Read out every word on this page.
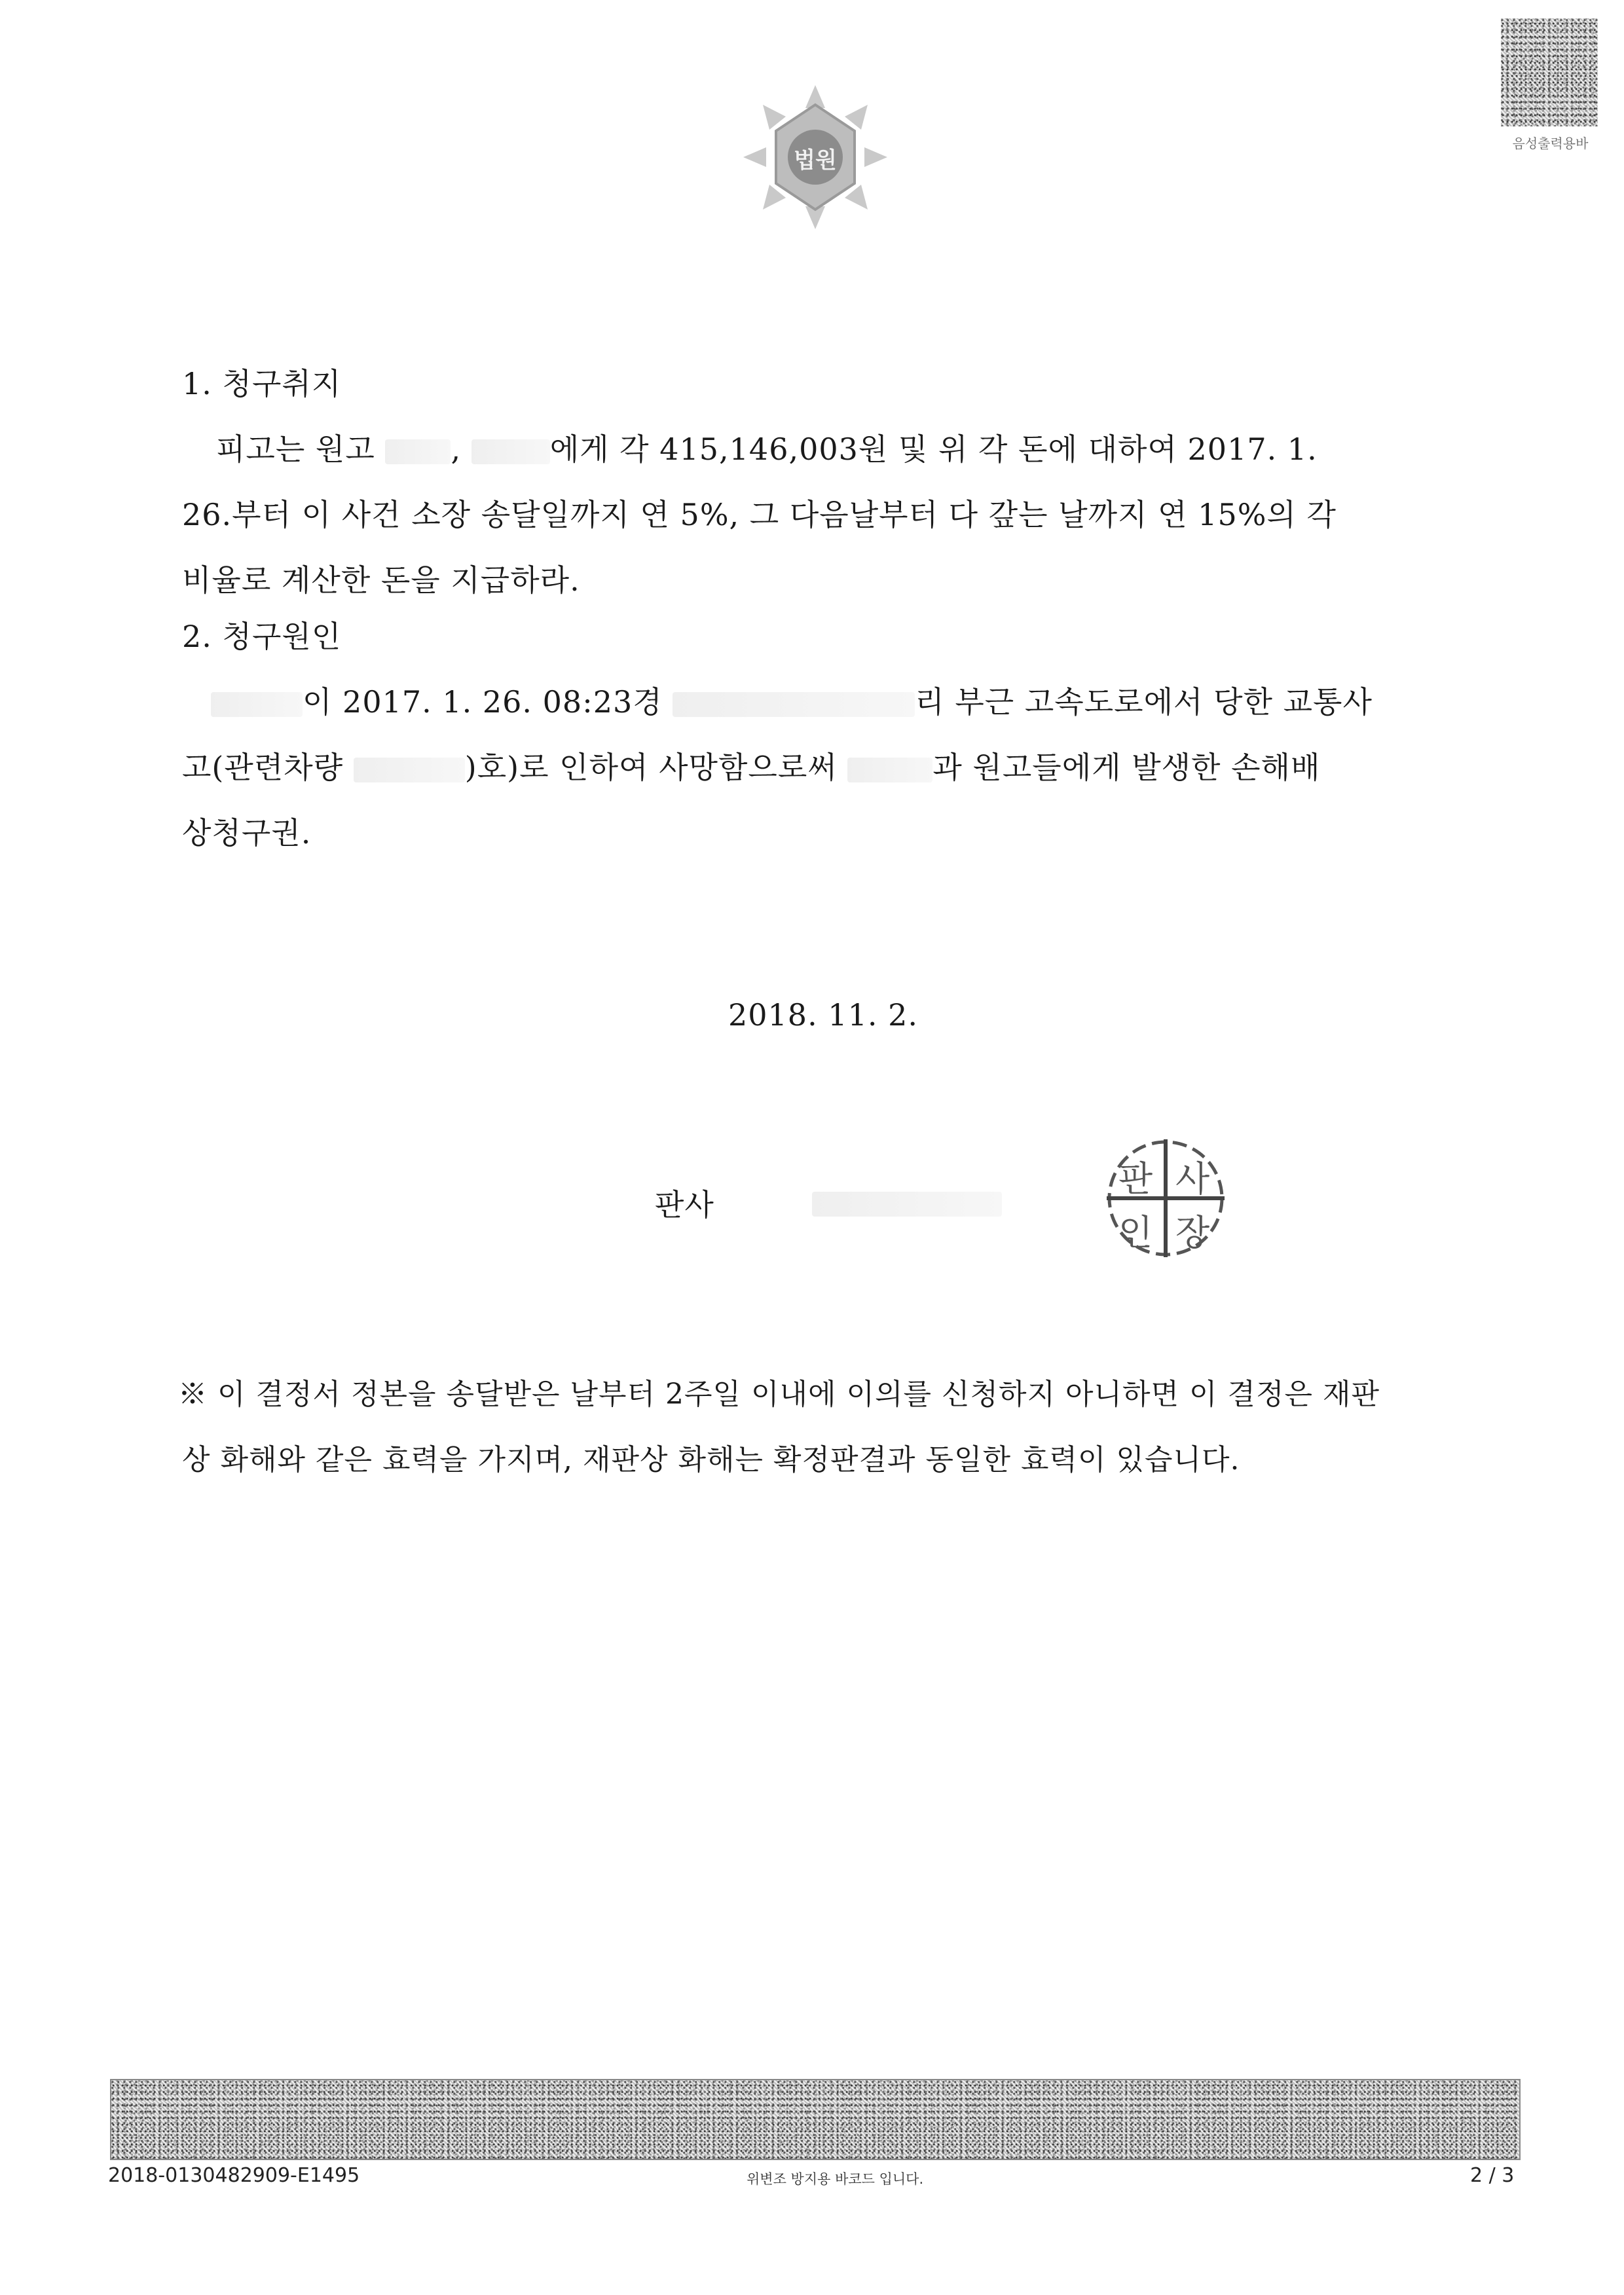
법원
음성출력용바
1. 청구취지
피고는 원고	,	에게 각 415,146,003원 및 위 각 돈에 대하여 2017. 1.
26.부터 이 사건 소장 송달일까지 연 5%, 그 다음날부터 다 갚는 날까지 연 15%의 각
비율로 계산한 돈을 지급하라.
2. 청구원인
이 2017. 1. 26. 08:23경	리 부근 고속도로에서 당한 교통사
고(관련차량	)호)로 인하여 사망함으로써	과 원고들에게 발생한 손해배
상청구권.
2018. 11. 2.
판사
판 사
인 장
※ 이 결정서 정본을 송달받은 날부터 2주일 이내에 이의를 신청하지 아니하면 이 결정은 재판
상 화해와 같은 효력을 가지며, 재판상 화해는 확정판결과 동일한 효력이 있습니다.
2018-0130482909-E1495	위변조 방지용 바코드 입니다.	2 / 3
